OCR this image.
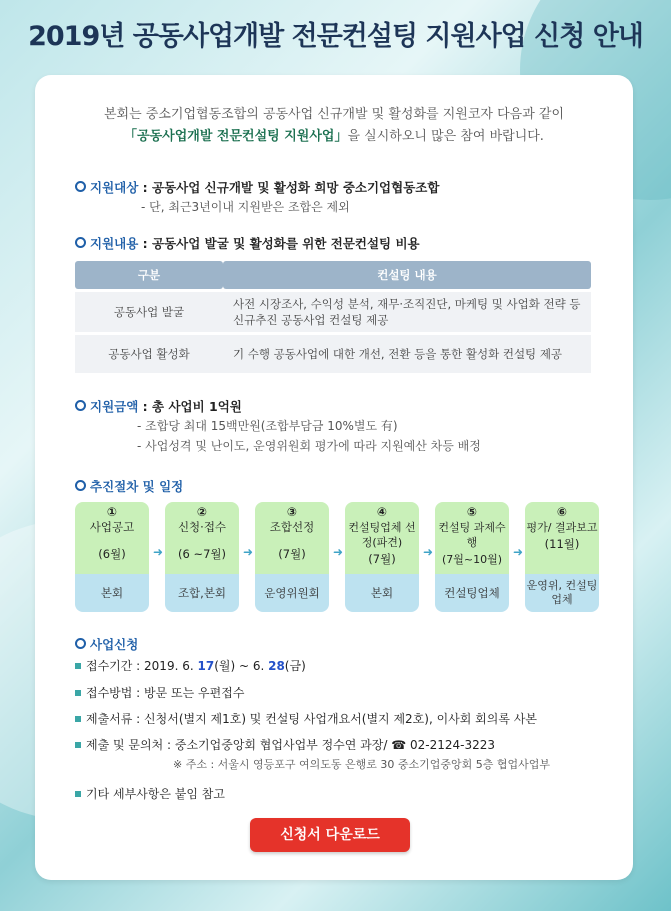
2019년 공동사업개발 전문컨설팅 지원사업 신청 안내
본회는 중소기업협동조합의 공동사업 신규개발 및 활성화를 지원코자 다음과 같이
「공동사업개발 전문컨설팅 지원사업」을 실시하오니 많은 참여 바랍니다.
지원대상 : 공동사업 신규개발 및 활성화 희망 중소기업협동조합
- 단, 최근3년이내 지원받은 조합은 제외
지원내용 : 공동사업 발굴 및 활성화를 위한 전문컨설팅 비용
구분	컨설팅 내용
공동사업 발굴	사전 시장조사, 수익성 분석, 재무·조직진단, 마케팅 및 사업화 전략 등 신규추진 공동사업 컨설팅 제공
공동사업 활성화	기 수행 공동사업에 대한 개선, 전환 등을 통한 활성화 컨설팅 제공
지원금액 : 총 사업비 1억원
- 조합당 최대 15백만원(조합부담금 10%별도 有)
- 사업성격 및 난이도, 운영위원회 평가에 따라 지원예산 차등 배정
추진절차 및 일정
①
사업공고
(6월)
본회
➜
②
신청·접수
(6 ~7월)
조합,본회
➜
③
조합선정
(7월)
운영위원회
➜
④
컨설팅업체 선정(파견)
(7월)
본회
➜
⑤
컨설팅 과제수행
(7월~10월)
컨설팅업체
➜
⑥
평가/ 결과보고
(11월)
운영위, 컨설팅업체
사업신청
접수기간 : 2019. 6. 17(월) ~ 6. 28(금)
접수방법 : 방문 또는 우편접수
제출서류 : 신청서(별지 제1호) 및 컨설팅 사업개요서(별지 제2호), 이사회 회의록 사본
제출 및 문의처 : 중소기업중앙회 협업사업부 정수연 과장/ ☎ 02-2124-3223
※ 주소 : 서울시 영등포구 여의도동 은행로 30 중소기업중앙회 5층 협업사업부
기타 세부사항은 붙임 참고
신청서 다운로드
